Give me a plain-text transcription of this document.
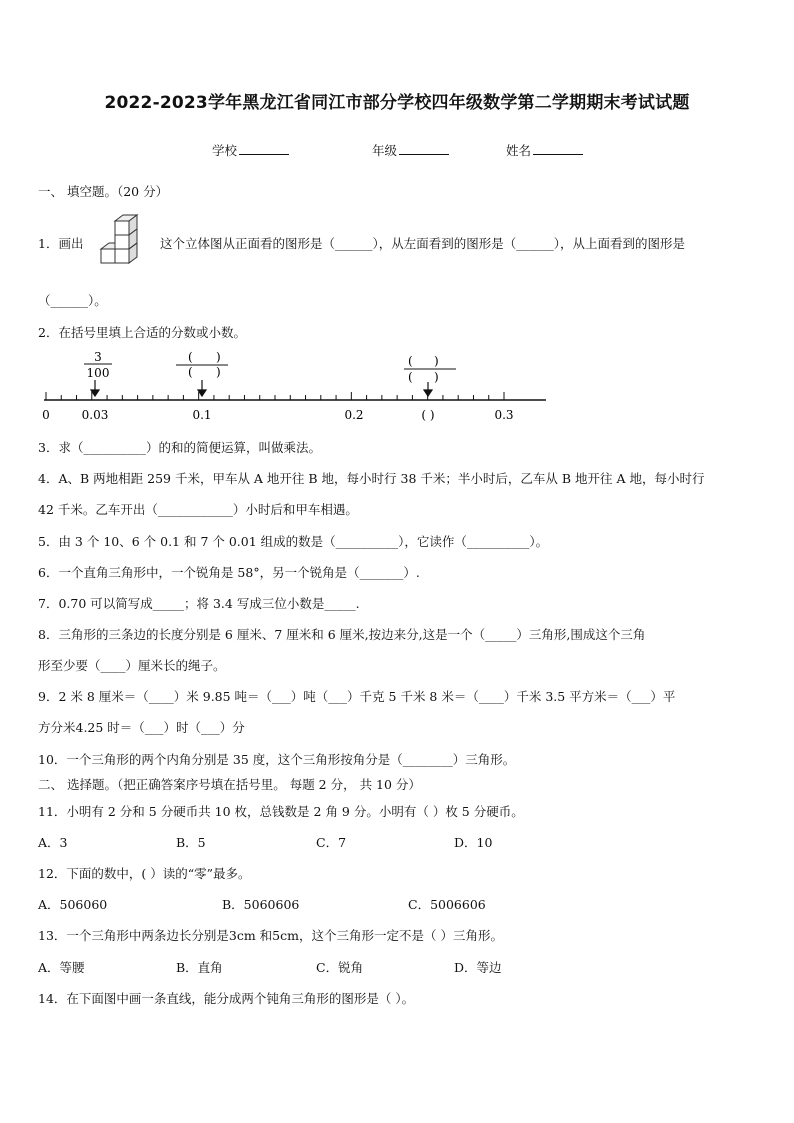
2022-2023学年黑龙江省同江市部分学校四年级数学第二学期期末考试试题
学校	年级	姓名
一、 填空题。（20 分）
1．画出	这个立体图从正面看的图形是（______），从左面看到的图形是（______），从上面看到的图形是
（______）。
2．在括号里填上合适的分数或小数。
3
100
( )
( )
( )
( )
0	0.03	0.1	0.2	( )	0.3
3．求（__________）的和的简便运算，叫做乘法。
4．A、B 两地相距 259 千米，甲车从 A 地开往 B 地，每小时行 38 千米；半小时后，乙车从 B 地开往 A 地，每小时行
42 千米。乙车开出（____________）小时后和甲车相遇。
5．由 3 个 10、6 个 0.1 和 7 个 0.01 组成的数是（__________），它读作（__________）。
6．一个直角三角形中，一个锐角是 58°，另一个锐角是（_______）.
7．0.70 可以简写成_____；将 3.4 写成三位小数是_____.
8．三角形的三条边的长度分别是 6 厘米、7 厘米和 6 厘米,按边来分,这是一个（_____）三角形,围成这个三角
形至少要（____）厘米长的绳子。
9．2 米 8 厘米＝（____）米 9.85 吨＝（___）吨（___）千克 5 千米 8 米＝（____）千米 3.5 平方米＝（___）平
方分米4.25 时＝（___）时（___）分
10．一个三角形的两个内角分别是 35 度，这个三角形按角分是（________）三角形。
二、 选择题。（把正确答案序号填在括号里。 每题 2 分， 共 10 分）
11．小明有 2 分和 5 分硬币共 10 枚，总钱数是 2 角 9 分。小明有（ ）枚 5 分硬币。
A．3	B．5	C．7	D．10
12．下面的数中，( ）读的“零”最多。
A．506060	B．5060606	C．5006606
13．一个三角形中两条边长分别是3cm 和5cm，这个三角形一定不是（ ）三角形。
A．等腰	B．直角	C．锐角	D．等边
14．在下面图中画一条直线，能分成两个钝角三角形的图形是（ ）。
